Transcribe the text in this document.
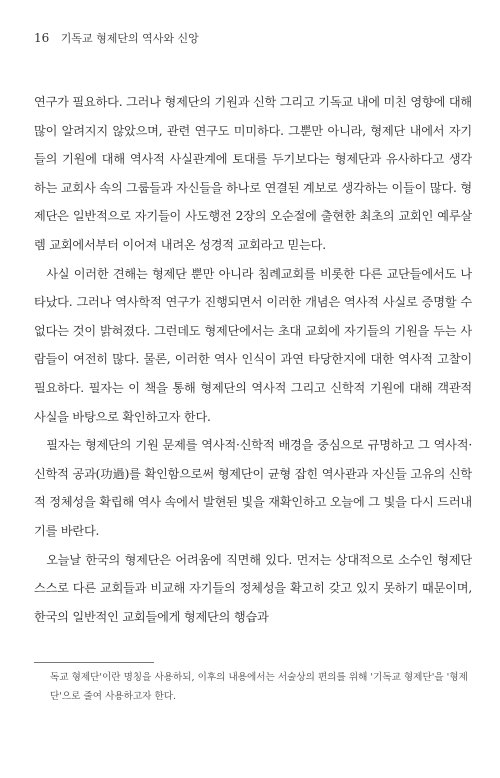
16 기독교 형제단의 역사와 신앙

연구가 필요하다. 그러나 형제단의 기원과 신학 그리고 기독교 내에 미친 영향에 대해 많이 알려지지 않았으며, 관련 연구도 미미하다. 그뿐만 아니라, 형제단 내에서 자기들의 기원에 대해 역사적 사실관계에 토대를 두기보다는 형제단과 유사하다고 생각하는 교회사 속의 그룹들과 자신들을 하나로 연결된 계보로 생각하는 이들이 많다. 형제단은 일반적으로 자기들이 사도행전 2장의 오순절에 출현한 최초의 교회인 예루살렘 교회에서부터 이어져 내려온 성경적 교회라고 믿는다.

사실 이러한 견해는 형제단 뿐만 아니라 침례교회를 비롯한 다른 교단들에서도 나타났다. 그러나 역사학적 연구가 진행되면서 이러한 개념은 역사적 사실로 증명할 수 없다는 것이 밝혀졌다. 그런데도 형제단에서는 초대 교회에 자기들의 기원을 두는 사람들이 여전히 많다. 물론, 이러한 역사 인식이 과연 타당한지에 대한 역사적 고찰이 필요하다. 필자는 이 책을 통해 형제단의 역사적 그리고 신학적 기원에 대해 객관적 사실을 바탕으로 확인하고자 한다.

필자는 형제단의 기원 문제를 역사적·신학적 배경을 중심으로 규명하고 그 역사적·신학적 공과(功過)를 확인함으로써 형제단이 균형 잡힌 역사관과 자신들 고유의 신학적 정체성을 확립해 역사 속에서 발현된 빛을 재확인하고 오늘에 그 빛을 다시 드러내기를 바란다.

오늘날 한국의 형제단은 어려움에 직면해 있다. 먼저는 상대적으로 소수인 형제단 스스로 다른 교회들과 비교해 자기들의 정체성을 확고히 갖고 있지 못하기 때문이며, 한국의 일반적인 교회들에게 형제단의 행습과

독교 형제단'이란 명칭을 사용하되, 이후의 내용에서는 서술상의 편의를 위해 '기독교 형제단'을 '형제단'으로 줄여 사용하고자 한다.
